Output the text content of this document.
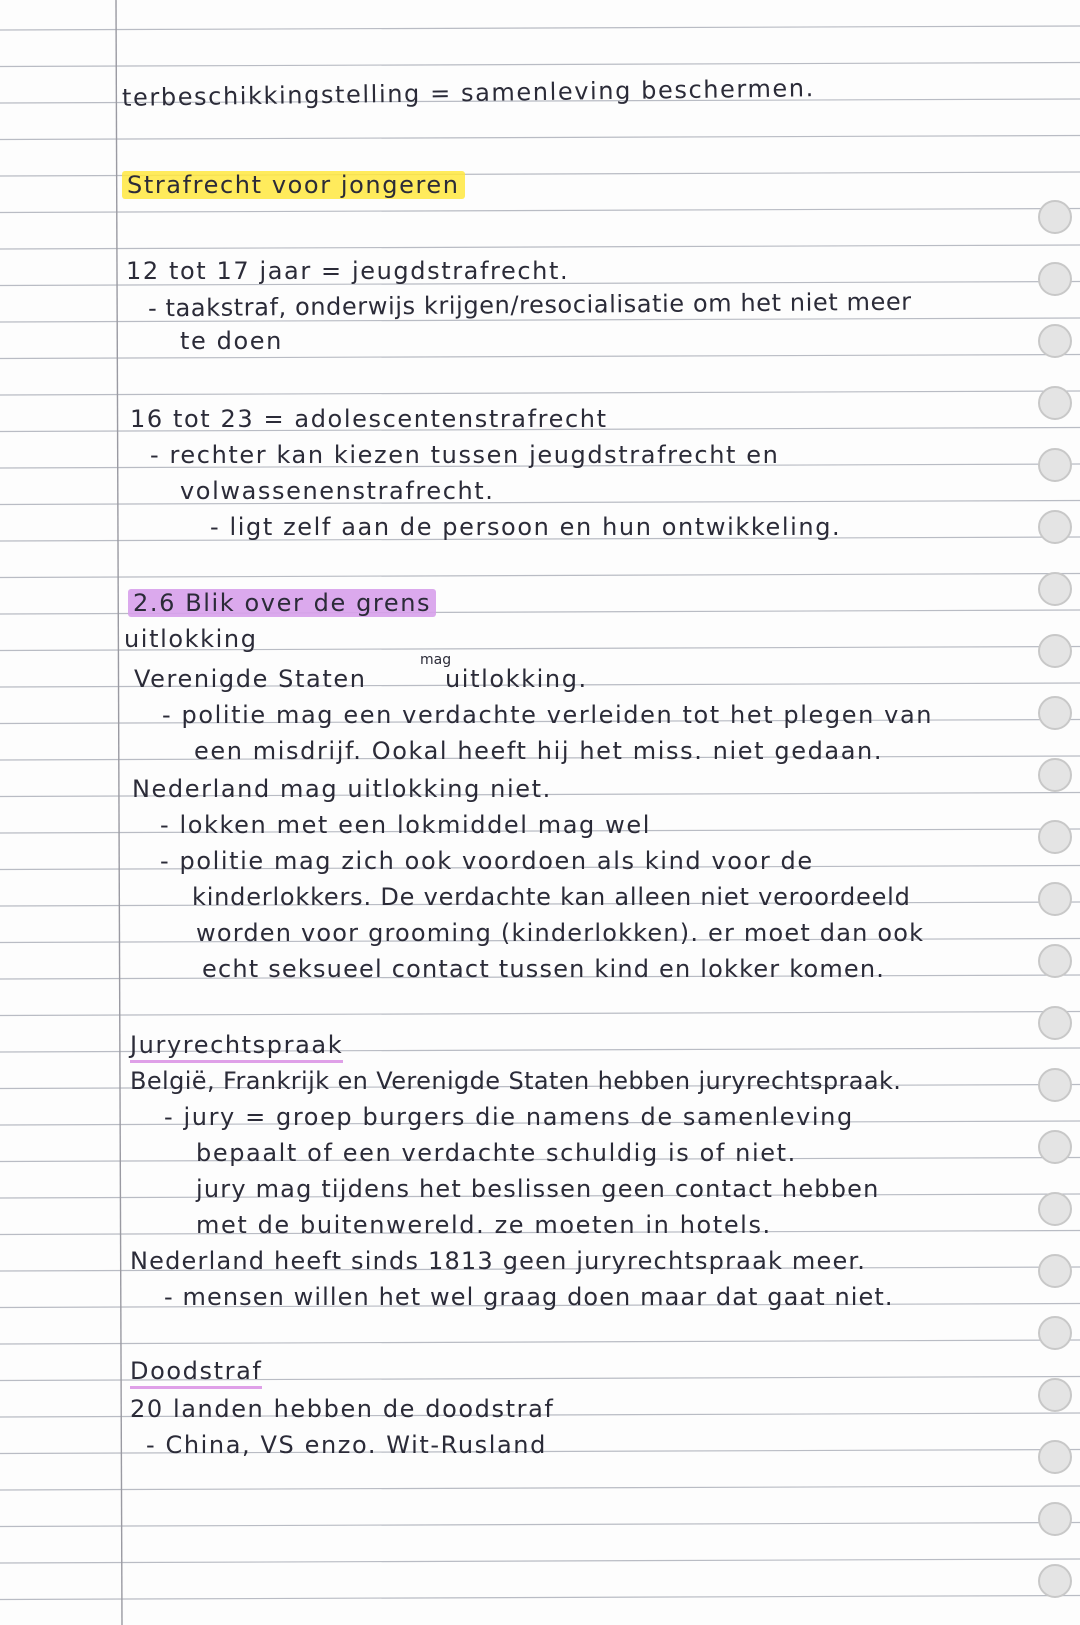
terbeschikkingstelling = samenleving beschermen.
Strafrecht voor jongeren
12 tot 17 jaar = jeugdstrafrecht.
- taakstraf, onderwijs krijgen/resocialisatie om het niet meer
te doen
16 tot 23 = adolescentenstrafrecht
- rechter kan kiezen tussen jeugdstrafrecht en
volwassenenstrafrecht.
- ligt zelf aan de persoon en hun ontwikkeling.
2.6 Blik over de grens
uitlokking
Verenigde Staten	uitlokking.
mag
- politie mag een verdachte verleiden tot het plegen van
een misdrijf. Ookal heeft hij het miss. niet gedaan.
Nederland mag uitlokking niet.
- lokken met een lokmiddel mag wel
- politie mag zich ook voordoen als kind voor de
kinderlokkers. De verdachte kan alleen niet veroordeeld
worden voor grooming (kinderlokken). er moet dan ook
echt seksueel contact tussen kind en lokker komen.
Juryrechtspraak
België, Frankrijk en Verenigde Staten hebben juryrechtspraak.
- jury = groep burgers die namens de samenleving
bepaalt of een verdachte schuldig is of niet.
jury mag tijdens het beslissen geen contact hebben
met de buitenwereld. ze moeten in hotels.
Nederland heeft sinds 1813 geen juryrechtspraak meer.
- mensen willen het wel graag doen maar dat gaat niet.
Doodstraf
20 landen hebben de doodstraf
- China, VS enzo. Wit-Rusland
